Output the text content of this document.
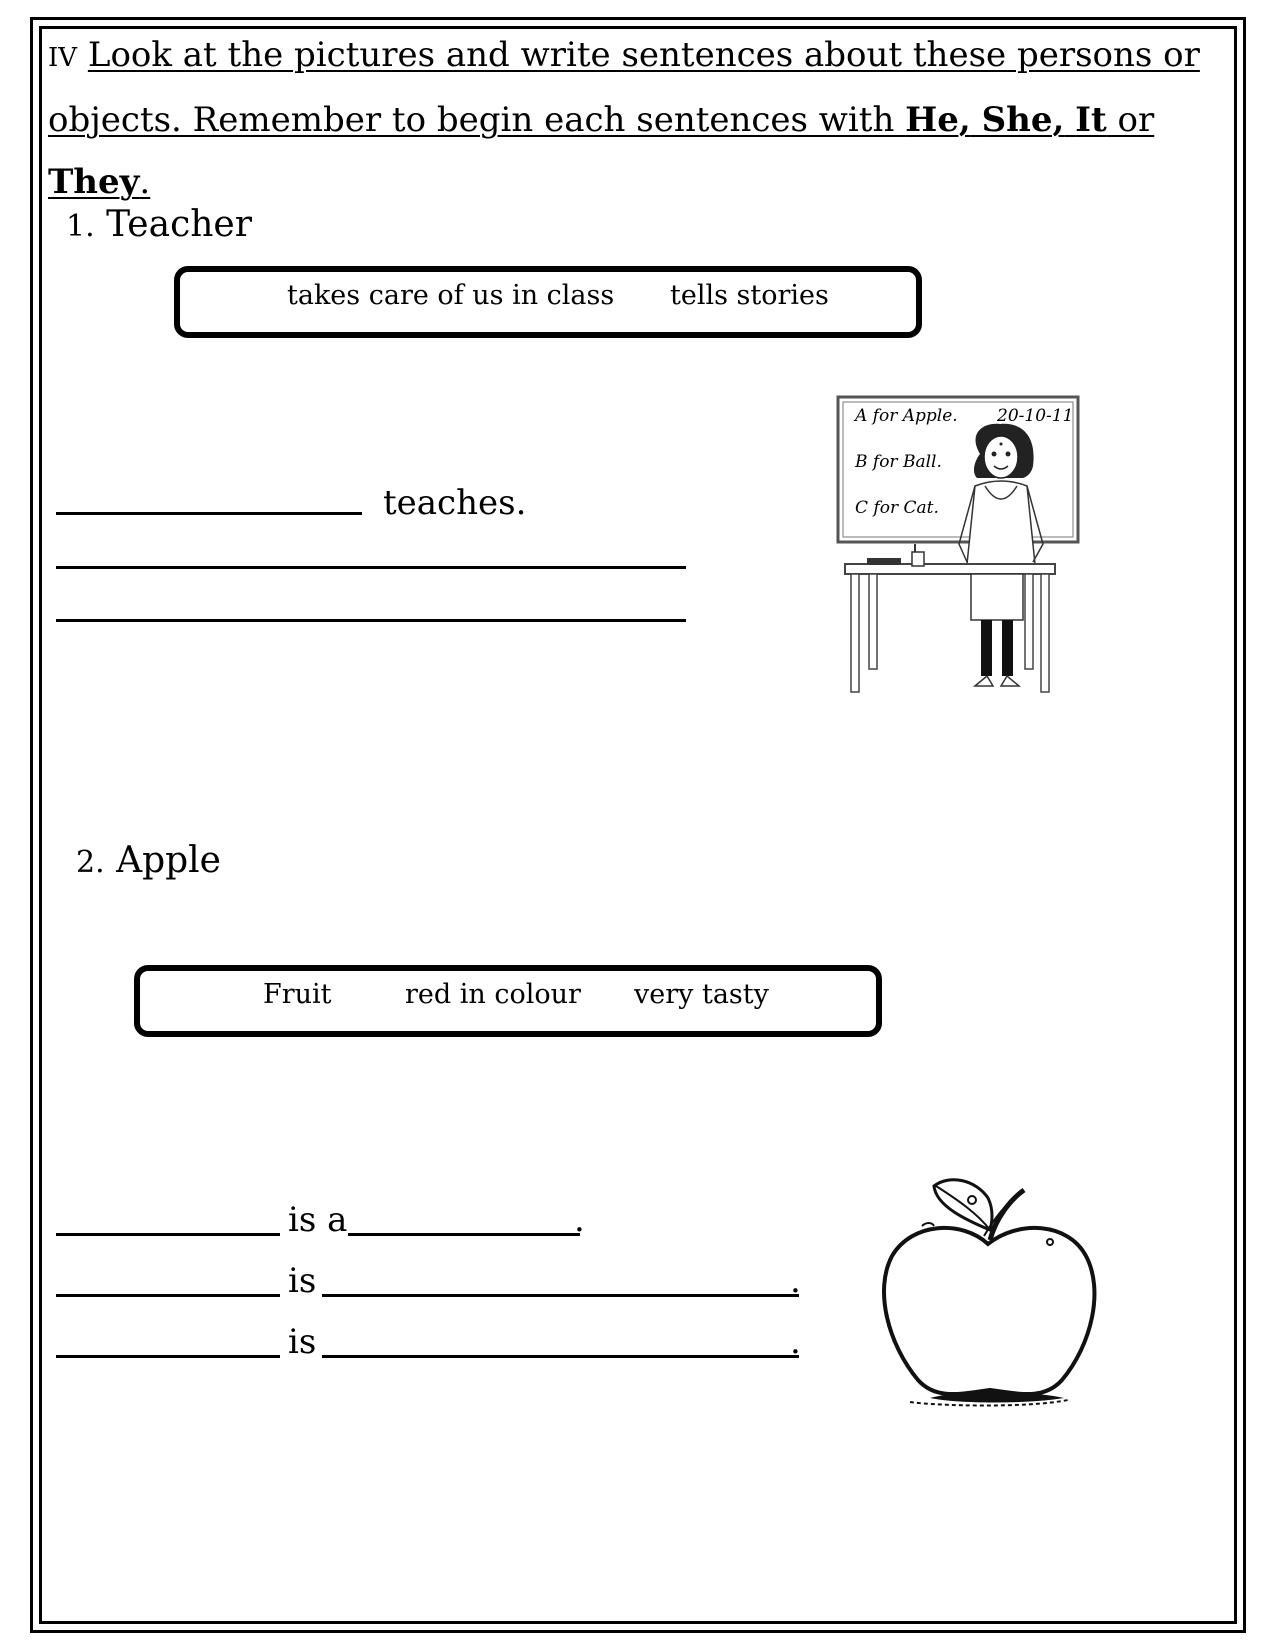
IV Look at the pictures and write sentences about these persons or objects. Remember to begin each sentences with He, She, It or They.
1. Teacher
takes care of us in class tells stories
teaches.
A for Apple.
B for Ball.
C for Cat.
20-10-11
2. Apple
Fruit	red in colour very tasty
is a	.
is	.
is	.
